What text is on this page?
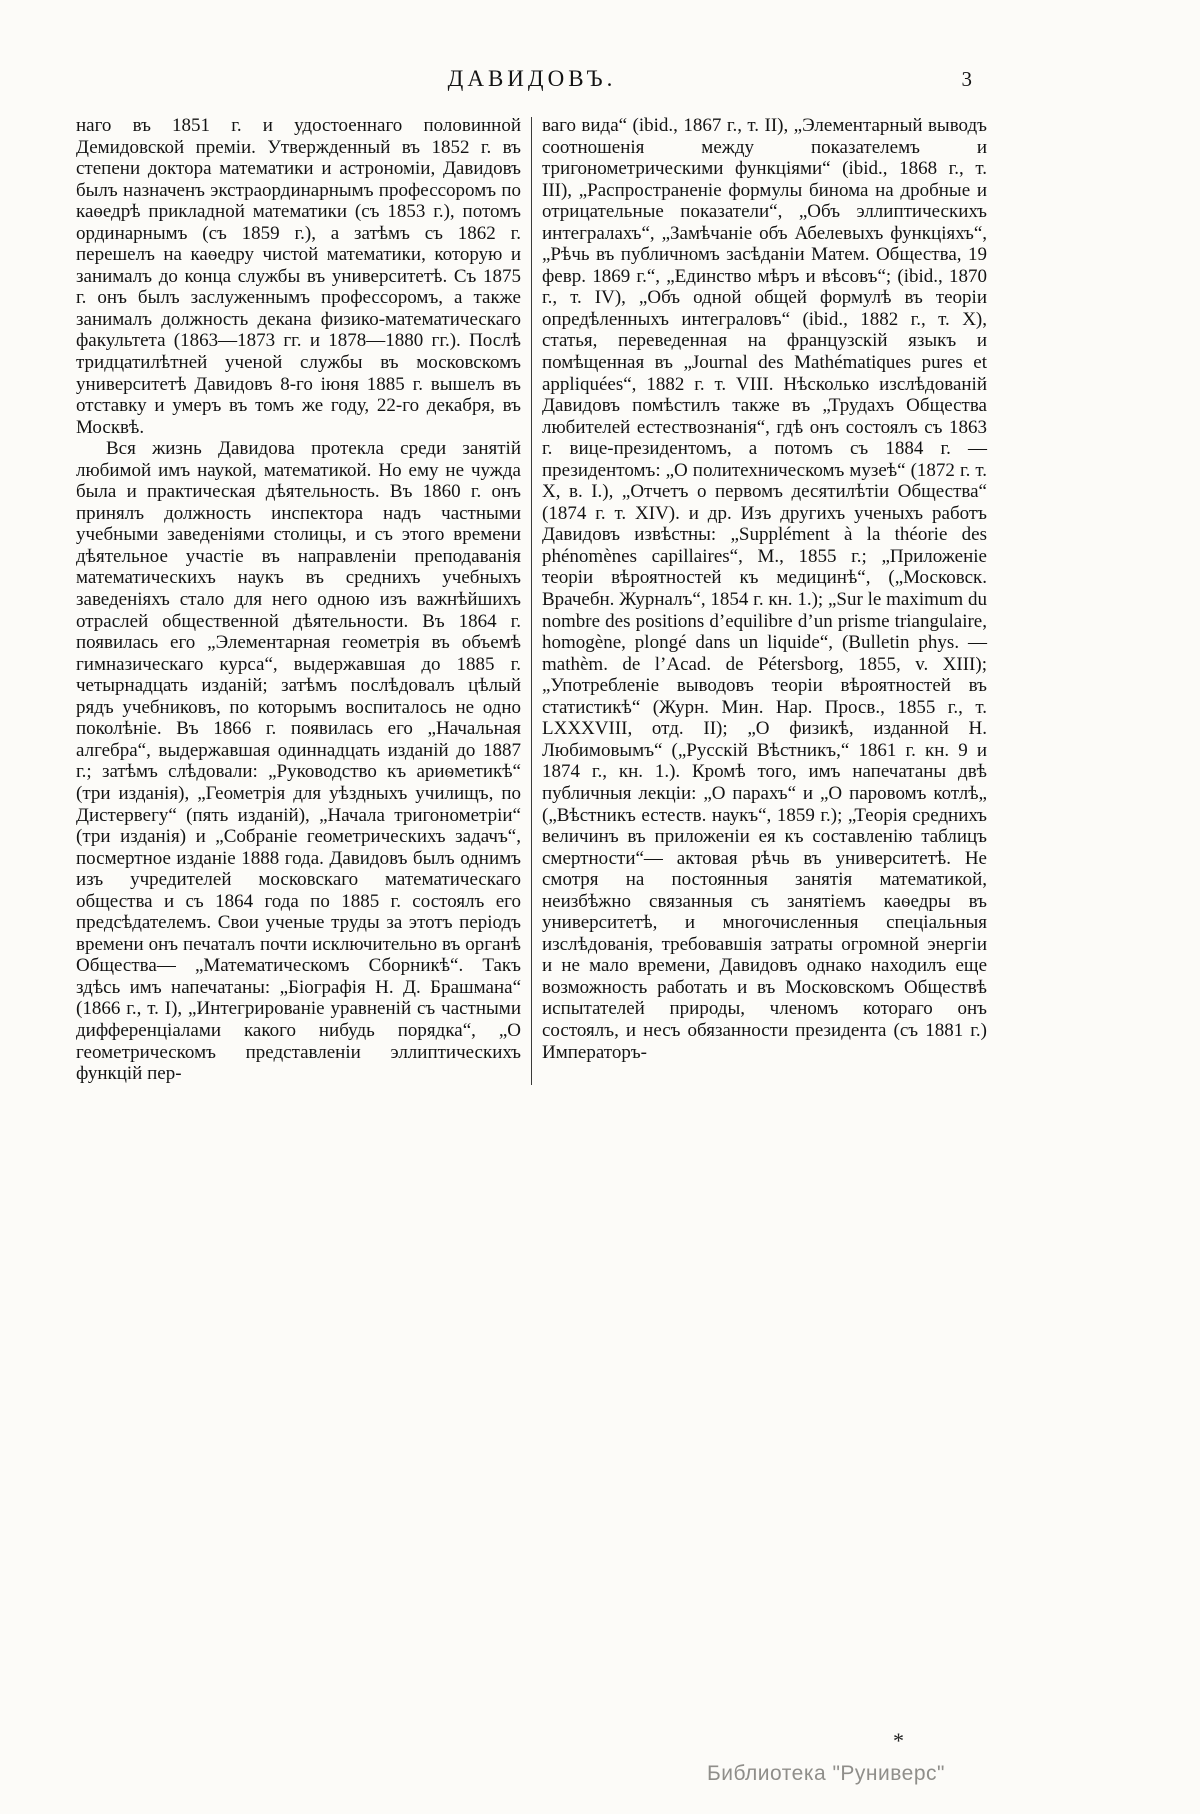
ДАВИДОВЪ.	3

наго въ 1851 г. и удостоеннаго половинной Демидовской преміи. Утвержденный въ 1852 г. въ степени доктора математики и астрономіи, Давидовъ былъ назначенъ экстраординарнымъ профессоромъ по каѳедрѣ прикладной математики (съ 1853 г.), потомъ ординарнымъ (съ 1859 г.), а затѣмъ съ 1862 г. перешелъ на каѳедру чистой математики, которую и занималъ до конца службы въ университетѣ. Съ 1875 г. онъ былъ заслуженнымъ профессоромъ, а также занималъ должность декана физико-математическаго факультета (1863—1873 гг. и 1878—1880 гг.). Послѣ тридцатилѣтней ученой службы въ московскомъ университетѣ Давидовъ 8-го іюня 1885 г. вышелъ въ отставку и умеръ въ томъ же году, 22-го декабря, въ Москвѣ.

Вся жизнь Давидова протекла среди занятій любимой имъ наукой, математикой. Но ему не чужда была и практическая дѣятельность. Въ 1860 г. онъ принялъ должность инспектора надъ частными учебными заведеніями столицы, и съ этого времени дѣятельное участіе въ направленіи преподаванія математическихъ наукъ въ среднихъ учебныхъ заведеніяхъ стало для него одною изъ важнѣйшихъ отраслей общественной дѣятельности. Въ 1864 г. появилась его „Элементарная геометрія въ объемѣ гимназическаго курса“, выдержавшая до 1885 г. четырнадцать изданій; затѣмъ послѣдовалъ цѣлый рядъ учебниковъ, по которымъ воспиталось не одно поколѣніе. Въ 1866 г. появилась его „Начальная алгебра“, выдержавшая одиннадцать изданій до 1887 г.; затѣмъ слѣдовали: „Руководство къ ариѳметикѣ“ (три изданія), „Геометрія для уѣздныхъ училищъ, по Дистервегу“ (пять изданій), „Начала тригонометріи“ (три изданія) и „Собраніе геометрическихъ задачъ“, посмертное изданіе 1888 года. Давидовъ былъ однимъ изъ учредителей московскаго математическаго общества и съ 1864 года по 1885 г. состоялъ его предсѣдателемъ. Свои ученые труды за этотъ періодъ времени онъ печаталъ почти исключительно въ органѣ Общества— „Математическомъ Сборникѣ“. Такъ здѣсь имъ напечатаны: „Біографія Н. Д. Брашмана“ (1866 г., т. I), „Интегрированіе уравненій съ частными дифференціалами какого нибудь порядка“, „О геометрическомъ представленіи эллиптическихъ функцій пер-

ваго вида“ (ibid., 1867 г., т. II), „Элементарный выводъ соотношенія между показателемъ и тригонометрическими функціями“ (ibid., 1868 г., т. III), „Распространеніе формулы бинома на дробные и отрицательные показатели“, „Объ эллиптическихъ интегралахъ“, „Замѣчаніе объ Абелевыхъ функціяхъ“, „Рѣчь въ публичномъ засѣданіи Матем. Общества, 19 февр. 1869 г.“, „Единство мѣръ и вѣсовъ“; (ibid., 1870 г., т. IV), „Объ одной общей формулѣ въ теоріи опредѣленныхъ интеграловъ“ (ibid., 1882 г., т. X), статья, переведенная на французскій языкъ и помѣщенная въ „Journal des Mathématiques pures et appliquées“, 1882 г. т. VIII. Нѣсколько изслѣдованій Давидовъ помѣстилъ также въ „Трудахъ Общества любителей естествознанія“, гдѣ онъ состоялъ съ 1863 г. вице-президентомъ, а потомъ съ 1884 г. — президентомъ: „О политехническомъ музеѣ“ (1872 г. т. X, в. I.), „Отчетъ о первомъ десятилѣтіи Общества“ (1874 г. т. XIV). и др. Изъ другихъ ученыхъ работъ Давидовъ извѣстны: „Supplément à la théorie des phénomènes capillaires“, М., 1855 г.; „Приложеніе теоріи вѣроятностей къ медицинѣ“, („Московск. Врачебн. Журналъ“, 1854 г. кн. 1.); „Sur le maximum du nombre des positions d’equilibre d’un prisme triangulaire, homogène, plongé dans un liquide“, (Bulletin phys. — mathèm. de l’Acad. de Pétersborg, 1855, v. XIII); „Употребленіе выводовъ теоріи вѣроятностей въ статистикѣ“ (Журн. Мин. Нар. Просв., 1855 г., т. LXXXVIII, отд. II); „О физикѣ, изданной Н. Любимовымъ“ („Русскій Вѣстникъ,“ 1861 г. кн. 9 и 1874 г., кн. 1.). Кромѣ того, имъ напечатаны двѣ публичныя лекціи: „О парахъ“ и „О паровомъ котлѣ„ („Вѣстникъ естеств. наукъ“, 1859 г.); „Теорія среднихъ величинъ въ приложеніи ея къ составленію таблицъ смертности“— актовая рѣчь въ университетѣ. Не смотря на постоянныя занятія математикой, неизбѣжно связанныя съ занятіемъ каѳедры въ университетѣ, и многочисленныя спеціальныя изслѣдованія, требовавшія затраты огромной энергіи и не мало времени, Давидовъ однако находилъ еще возможность работать и въ Московскомъ Обществѣ испытателей природы, членомъ котораго онъ состоялъ, и несъ обязанности президента (съ 1881 г.) Императоръ-

*
Библиотека "Руниверс"
